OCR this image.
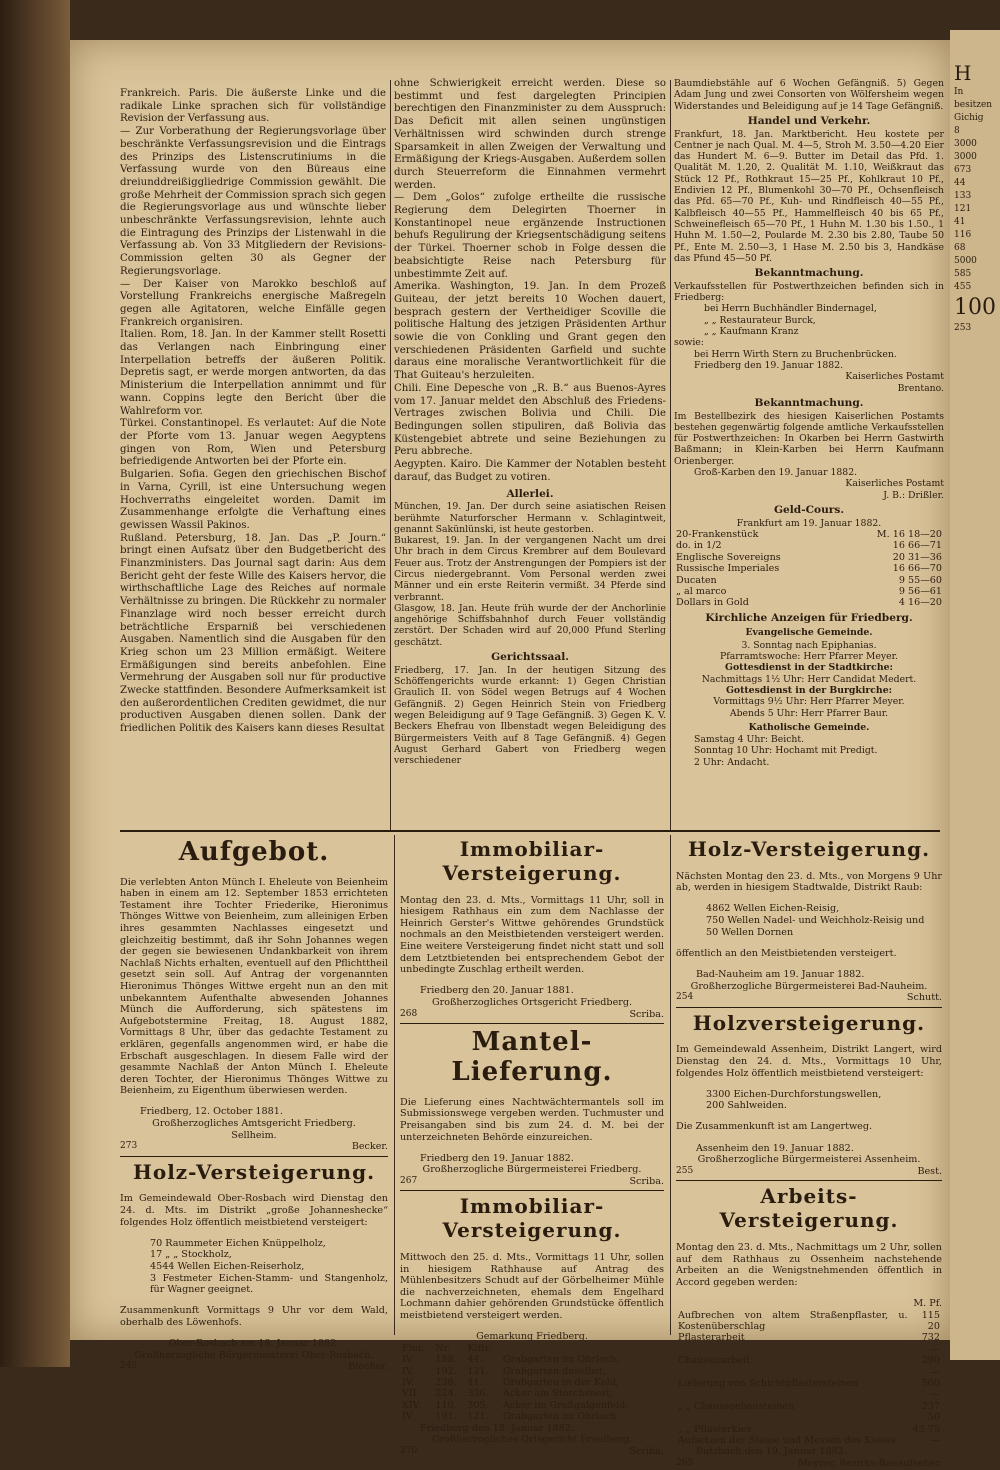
Frankreich. Paris. Die äußerste Linke und die radikale Linke sprachen sich für vollständige Revision der Verfassung aus.

— Zur Vorberathung der Regierungsvorlage über beschränkte Verfassungsrevision und die Eintrags des Prinzips des Listenscrutiniums in die Verfassung wurde von den Büreaus eine dreiunddreißiggliedrige Commission gewählt. Die große Mehrheit der Commission sprach sich gegen die Regierungsvorlage aus und wünschte lieber unbeschränkte Verfassungsrevision, lehnte auch die Eintragung des Prinzips der Listenwahl in die Verfassung ab. Von 33 Mitgliedern der Revisions-Commission gelten 30 als Gegner der Regierungsvorlage.

— Der Kaiser von Marokko beschloß auf Vorstellung Frankreichs energische Maßregeln gegen alle Agitatoren, welche Einfälle gegen Frankreich organisiren.

Italien. Rom, 18. Jan. In der Kammer stellt Rosetti das Verlangen nach Einbringung einer Interpellation betreffs der äußeren Politik. Depretis sagt, er werde morgen antworten, da das Ministerium die Interpellation annimmt und für wann. Coppins legte den Bericht über die Wahlreform vor.

Türkei. Constantinopel. Es verlautet: Auf die Note der Pforte vom 13. Januar wegen Aegyptens gingen von Rom, Wien und Petersburg befriedigende Antworten bei der Pforte ein.

Bulgarien. Sofia. Gegen den griechischen Bischof in Varna, Cyrill, ist eine Untersuchung wegen Hochverraths eingeleitet worden. Damit im Zusammenhange erfolgte die Verhaftung eines gewissen Wassil Pakinos.

Rußland. Petersburg, 18. Jan. Das „P. Journ.“ bringt einen Aufsatz über den Budgetbericht des Finanzministers. Das Journal sagt darin: Aus dem Bericht geht der feste Wille des Kaisers hervor, die wirthschaftliche Lage des Reiches auf normale Verhältnisse zu bringen. Die Rückkehr zu normaler Finanzlage wird noch besser erreicht durch beträchtliche Ersparniß bei verschiedenen Ausgaben. Namentlich sind die Ausgaben für den Krieg schon um 23 Million ermäßigt. Weitere Ermäßigungen sind bereits anbefohlen. Eine Vermehrung der Ausgaben soll nur für productive Zwecke stattfinden. Besondere Aufmerksamkeit ist den außerordentlichen Crediten gewidmet, die nur productiven Ausgaben dienen sollen. Dank der friedlichen Politik des Kaisers kann dieses Resultat

ohne Schwierigkeit erreicht werden. Diese so bestimmt und fest dargelegten Principien berechtigen den Finanzminister zu dem Ausspruch: Das Deficit mit allen seinen ungünstigen Verhältnissen wird schwinden durch strenge Sparsamkeit in allen Zweigen der Verwaltung und Ermäßigung der Kriegs-Ausgaben. Außerdem sollen durch Steuerreform die Einnahmen vermehrt werden.

— Dem „Golos“ zufolge ertheilte die russische Regierung dem Delegirten Thoerner in Konstantinopel neue ergänzende Instructionen behufs Regulirung der Kriegsentschädigung seitens der Türkei. Thoerner schob in Folge dessen die beabsichtigte Reise nach Petersburg für unbestimmte Zeit auf.

Amerika. Washington, 19. Jan. In dem Prozeß Guiteau, der jetzt bereits 10 Wochen dauert, besprach gestern der Vertheidiger Scoville die politische Haltung des jetzigen Präsidenten Arthur sowie die von Conkling und Grant gegen den verschiedenen Präsidenten Garfield und suchte daraus eine moralische Verantwortlichkeit für die That Guiteau's herzuleiten.

Chili. Eine Depesche von „R. B.“ aus Buenos-Ayres vom 17. Januar meldet den Abschluß des Friedens-Vertrages zwischen Bolivia und Chili. Die Bedingungen sollen stipuliren, daß Bolivia das Küstengebiet abtrete und seine Beziehungen zu Peru abbreche.

Aegypten. Kairo. Die Kammer der Notablen besteht darauf, das Budget zu votiren.

Allerlei.

München, 19. Jan. Der durch seine asiatischen Reisen berühmte Naturforscher Hermann v. Schlagintweit, genannt Sakünlünski, ist heute gestorben.

Bukarest, 19. Jan. In der vergangenen Nacht um drei Uhr brach in dem Circus Krembrer auf dem Boulevard Feuer aus. Trotz der Anstrengungen der Pompiers ist der Circus niedergebrannt. Vom Personal werden zwei Männer und ein erste Reiterin vermißt. 34 Pferde sind verbrannt.

Glasgow, 18. Jan. Heute früh wurde der der Anchorlinie angehörige Schiffsbahnhof durch Feuer vollständig zerstört. Der Schaden wird auf 20,000 Pfund Sterling geschätzt.

Gerichtssaal.

Friedberg, 17. Jan. In der heutigen Sitzung des Schöffengerichts wurde erkannt: 1) Gegen Christian Graulich II. von Södel wegen Betrugs auf 4 Wochen Gefängniß. 2) Gegen Heinrich Stein von Friedberg wegen Beleidigung auf 9 Tage Gefängniß. 3) Gegen K. V. Beckers Ehefrau von Ilbenstadt wegen Beleidigung des Bürgermeisters Veith auf 8 Tage Gefängniß. 4) Gegen August Gerhard Gabert von Friedberg wegen verschiedener

Baumdiebstähle auf 6 Wochen Gefängniß. 5) Gegen Adam Jung und zwei Consorten von Wölfersheim wegen Widerstandes und Beleidigung auf je 14 Tage Gefängniß.

Handel und Verkehr.

Frankfurt, 18. Jan. Marktbericht. Heu kostete per Centner je nach Qual. M. 4—5, Stroh M. 3.50—4.20 Eier das Hundert M. 6—9. Butter im Detail das Pfd. 1. Qualität M. 1.20, 2. Qualität M. 1.10, Weißkraut das Stück 12 Pf., Rothkraut 15—25 Pf., Kohlkraut 10 Pf., Endivien 12 Pf., Blumenkohl 30—70 Pf., Ochsenfleisch das Pfd. 65—70 Pf., Kuh- und Rindfleisch 40—55 Pf., Kalbfleisch 40—55 Pf., Hammelfleisch 40 bis 65 Pf., Schweinefleisch 65—70 Pf., 1 Huhn M. 1.30 bis 1.50., 1 Huhn M. 1.50—2, Poularde M. 2.30 bis 2.80, Taube 50 Pf., Ente M. 2.50—3, 1 Hase M. 2.50 bis 3, Handkäse das Pfund 45—50 Pf.

Bekanntmachung.
Verkaufsstellen für Postwerthzeichen befinden sich in Friedberg:
bei Herrn Buchhändler Bindernagel,
„ „ Restaurateur Burck,
„ „ Kaufmann Kranz
sowie:
bei Herrn Wirth Stern zu Bruchenbrücken.
Friedberg den 19. Januar 1882.
Kaiserliches Postamt
Brentano.
Bekanntmachung.

Im Bestellbezirk des hiesigen Kaiserlichen Postamts bestehen gegenwärtig folgende amtliche Verkaufsstellen für Postwerthzeichen: In Okarben bei Herrn Gastwirth Baßmann; in Klein-Karben bei Herrn Kaufmann Orienberger.

Groß-Karben den 19. Januar 1882.
Kaiserliches Postamt
J. B.: Drißler.
Geld-Cours.
Frankfurt am 19. Januar 1882.
20-Frankenstück	M. 16 18—20
do. in 1/2	16 66—71
Englische Sovereigns	20 31—36
Russische Imperiales	16 66—70
Ducaten	9 55—60
„ al marco	9 56—61
Dollars in Gold	4 16—20
Kirchliche Anzeigen für Friedberg.
Evangelische Gemeinde.
3. Sonntag nach Epiphanias.
Pfarramtswoche: Herr Pfarrer Meyer.
Gottesdienst in der Stadtkirche:
Nachmittags 1½ Uhr: Herr Candidat Medert.
Gottesdienst in der Burgkirche:
Vormittags 9½ Uhr: Herr Pfarrer Meyer.
Abends 5 Uhr: Herr Pfarrer Baur.
Katholische Gemeinde.
Samstag 4 Uhr: Beicht.
Sonntag 10 Uhr: Hochamt mit Predigt.
2 Uhr: Andacht.
Aufgebot.

Die verlebten Anton Münch I. Eheleute von Beienheim haben in einem am 12. September 1853 errichteten Testament ihre Tochter Friederike, Hieronimus Thönges Wittwe von Beienheim, zum alleinigen Erben ihres gesammten Nachlasses eingesetzt und gleichzeitig bestimmt, daß ihr Sohn Johannes wegen der gegen sie bewiesenen Undankbarkeit von ihrem Nachlaß Nichts erhalten, eventuell auf den Pflichttheil gesetzt sein soll. Auf Antrag der vorgenannten Hieronimus Thönges Wittwe ergeht nun an den mit unbekanntem Aufenthalte abwesenden Johannes Münch die Aufforderung, sich spätestens im Aufgebotstermine Freitag, 18. August 1882, Vormittags 8 Uhr, über das gedachte Testament zu erklären, gegenfalls angenommen wird, er habe die Erbschaft ausgeschlagen. In diesem Falle wird der gesammte Nachlaß der Anton Münch I. Eheleute deren Tochter, der Hieronimus Thönges Wittwe zu Beienheim, zu Eigenthum überwiesen werden.

Friedberg, 12. October 1881.
Großherzogliches Amtsgericht Friedberg.
Sellheim.
273	Becker.
Holz-Versteigerung.

Im Gemeindewald Ober-Rosbach wird Dienstag den 24. d. Mts. im Distrikt „große Johanneshecke“ folgendes Holz öffentlich meistbietend versteigert:

70 Raummeter Eichen Knüppelholz,
17 „ „ Stockholz,
4544 Wellen Eichen-Reiserholz,
3 Festmeter Eichen-Stamm- und Stangenholz, für Wagner geeignet.

Zusammenkunft Vormittags 9 Uhr vor dem Wald, oberhalb des Löwenhofs.

Ober-Rosbach am 18. Januar 1882.
Großherzogliche Bürgermeisterei Ober-Rosbach.
245	Blecher.
Immobiliar-Versteigerung.

Montag den 23. d. Mts., Vormittags 11 Uhr, soll in hiesigem Rathhaus ein zum dem Nachlasse der Heinrich Gerster's Wittwe gehörendes Grundstück nochmals an den Meistbietenden versteigert werden. Eine weitere Versteigerung findet nicht statt und soll dem Letztbietenden bei entsprechendem Gebot der unbedingte Zuschlag ertheilt werden.

Friedberg den 20. Januar 1881.
Großherzogliches Ortsgericht Friedberg.
268	Scriba.
Mantel-Lieferung.

Die Lieferung eines Nachtwächtermantels soll im Submissionswege vergeben werden. Tuchmuster und Preisangaben sind bis zum 24. d. M. bei der unterzeichneten Behörde einzureichen.

Friedberg den 19. Januar 1882.
Großherzogliche Bürgermeisterei Friedberg.
267	Scriba.
Immobiliar-Versteigerung.

Mittwoch den 25. d. Mts., Vormittags 11 Uhr, sollen in hiesigem Rathhause auf Antrag des Mühlenbesitzers Schudt auf der Görbelheimer Mühle die nachverzeichneten, ehemals dem Engelhard Lochmann dahier gehörenden Grundstücke öffentlich meistbietend versteigert werden.

Gemarkung Friedberg.
Flur.	Nr.	Klftr.	
IV.	188.	44.	Grabgarten im Ohrloch,
IV.	192.	121.	Grabgarten daselbst,
IV.	238.	41.	Grabgarten in der Kehl,
VII.	224.	336.	Acker am Storchsnest,
XIV.	110.	305.	Acker im Großgalgenfeld,
IV.	191.	121.	Grabgarten im Ohrloch.
Friedberg den 18. Januar 1882.
Großherzogliches Ortsgericht Friedberg.
270	Scriba.
Holz-Versteigerung.

Nächsten Montag den 23. d. Mts., von Morgens 9 Uhr ab, werden in hiesigem Stadtwalde, Distrikt Raub:

4862 Wellen Eichen-Reisig,
750 Wellen Nadel- und Weichholz-Reisig und
50 Wellen Dornen

öffentlich an den Meistbietenden versteigert.

Bad-Nauheim am 19. Januar 1882.
Großherzogliche Bürgermeisterei Bad-Nauheim.
254	Schutt.
Holzversteigerung.

Im Gemeindewald Assenheim, Distrikt Langert, wird Dienstag den 24. d. Mts., Vormittags 10 Uhr, folgendes Holz öffentlich meistbietend versteigert:

3300 Eichen-Durchforstungswellen,
200 Sahlweiden.

Die Zusammenkunft ist am Langertweg.

Assenheim den 19. Januar 1882.
Großherzogliche Bürgermeisterei Assenheim.
255	Best.
Arbeits-Versteigerung.

Montag den 23. d. Mts., Nachmittags um 2 Uhr, sollen auf dem Rathhaus zu Ossenheim nachstehende Arbeiten an die Wenigstnehmenden öffentlich in Accord gegeben werden:

M. Pf.
Aufbrechen von altem Straßenpflaster, u. Kostenüberschlag	115 20
Pflasterarbeit	732 —
Chaussirarbeit	290 —
Lieferung von Schichtpflastersteinen	500 —
„ „ Chausseebausteinen	237 50
„ „ Pflasterkies	43 75
Aufsetzen der Steine und Messen des Kieses	—
Butzbach den 19. Januar 1882.
265	Meyzer, Bezirks-Bauaufseher.
H
In
besitzen
Gichig
8
3000
3000
673
44
133
121
41
116
68
5000
585
455
100
253
